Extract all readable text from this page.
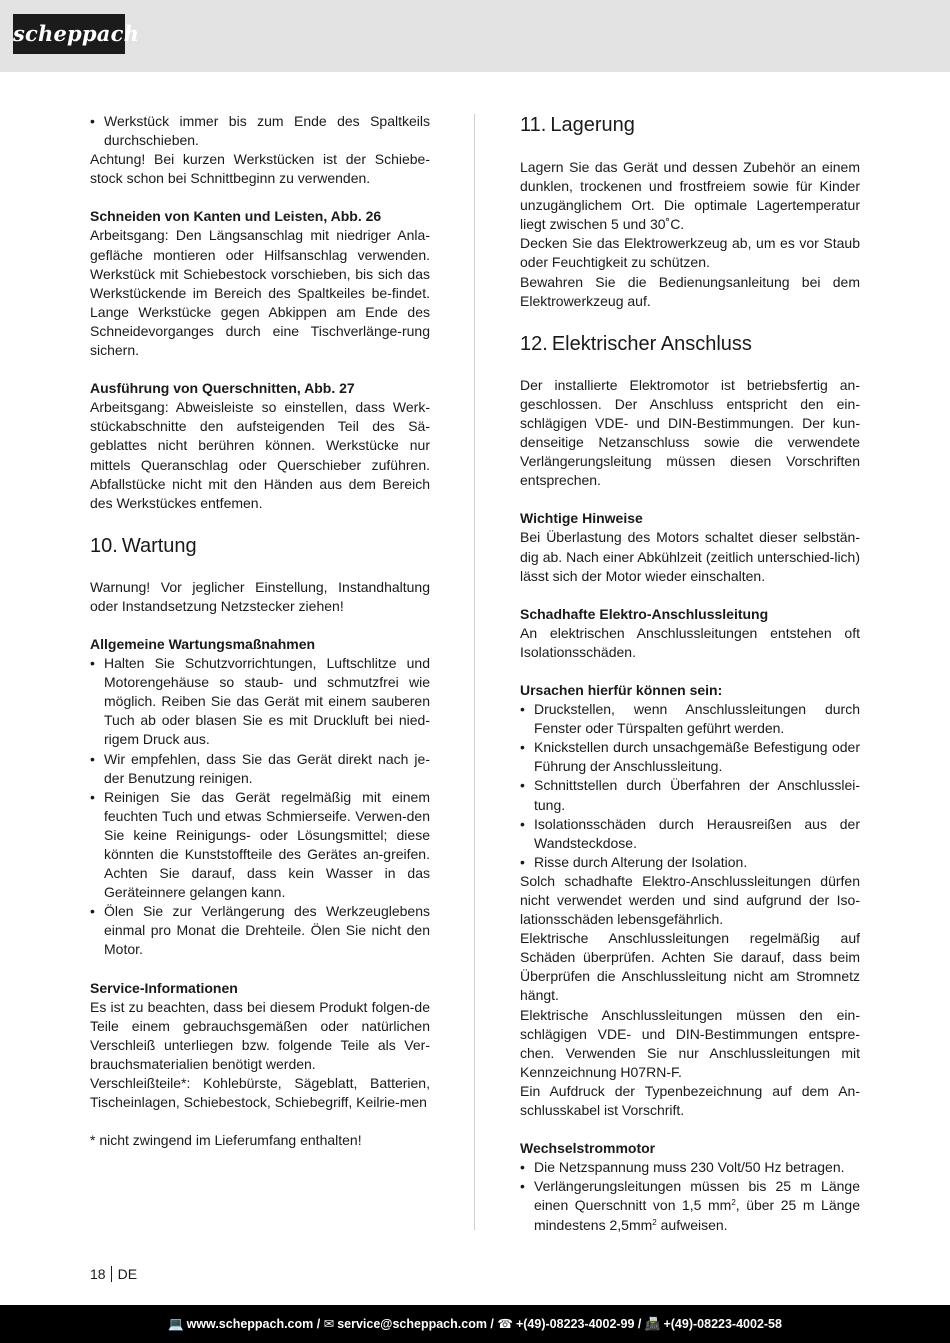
scheppach
• Werkstück immer bis zum Ende des Spaltkeils durchschieben.

Achtung! Bei kurzen Werkstücken ist der Schiebe-stock schon bei Schnittbeginn zu verwenden.

Schneiden von Kanten und Leisten, Abb. 26

Arbeitsgang: Den Längsanschlag mit niedriger Anla-gefläche montieren oder Hilfsanschlag verwenden. Werkstück mit Schiebestock vorschieben, bis sich das Werkstückende im Bereich des Spaltkeiles be-findet. Lange Werkstücke gegen Abkippen am Ende des Schneidevorganges durch eine Tischverlänge-rung sichern.

Ausführung von Querschnitten, Abb. 27

Arbeitsgang: Abweisleiste so einstellen, dass Werk-stückabschnitte den aufsteigenden Teil des Sä-geblattes nicht berühren können. Werkstücke nur mittels Queranschlag oder Querschieber zuführen. Abfallstücke nicht mit den Händen aus dem Bereich des Werkstückes entfemen.

10. Wartung

Warnung! Vor jeglicher Einstellung, Instandhaltung oder Instandsetzung Netzstecker ziehen!

Allgemeine Wartungsmaßnahmen

• Halten Sie Schutzvorrichtungen, Luftschlitze und Motorengehäuse so staub- und schmutzfrei wie möglich. Reiben Sie das Gerät mit einem sauberen Tuch ab oder blasen Sie es mit Druckluft bei nied-rigem Druck aus.
• Wir empfehlen, dass Sie das Gerät direkt nach je-der Benutzung reinigen.
• Reinigen Sie das Gerät regelmäßig mit einem feuchten Tuch und etwas Schmierseife. Verwen-den Sie keine Reinigungs- oder Lösungsmittel; diese könnten die Kunststoffteile des Gerätes an-greifen. Achten Sie darauf, dass kein Wasser in das Geräteinnere gelangen kann.
• Ölen Sie zur Verlängerung des Werkzeuglebens einmal pro Monat die Drehteile. Ölen Sie nicht den Motor.

Service-Informationen

Es ist zu beachten, dass bei diesem Produkt folgen-de Teile einem gebrauchsgemäßen oder natürlichen Verschleiß unterliegen bzw. folgende Teile als Ver-brauchsmaterialien benötigt werden.

Verschleißteile*: Kohlebürste, Sägeblatt, Batterien, Tischeinlagen, Schiebestock, Schiebegriff, Keilrie-men

* nicht zwingend im Lieferumfang enthalten!

11. Lagerung

Lagern Sie das Gerät und dessen Zubehör an einem dunklen, trockenen und frostfreiem sowie für Kinder unzugänglichem Ort. Die optimale Lagertemperatur liegt zwischen 5 und 30˚C.

Decken Sie das Elektrowerkzeug ab, um es vor Staub oder Feuchtigkeit zu schützen.

Bewahren Sie die Bedienungsanleitung bei dem Elektrowerkzeug auf.

12. Elektrischer Anschluss

Der installierte Elektromotor ist betriebsfertig an-geschlossen. Der Anschluss entspricht den ein-schlägigen VDE- und DIN-Bestimmungen. Der kun-denseitige Netzanschluss sowie die verwendete Verlängerungsleitung müssen diesen Vorschriften entsprechen.

Wichtige Hinweise

Bei Überlastung des Motors schaltet dieser selbstän-dig ab. Nach einer Abkühlzeit (zeitlich unterschied-lich) lässt sich der Motor wieder einschalten.

Schadhafte Elektro-Anschlussleitung

An elektrischen Anschlussleitungen entstehen oft Isolationsschäden.

Ursachen hierfür können sein:

• Druckstellen, wenn Anschlussleitungen durch Fenster oder Türspalten geführt werden.
• Knickstellen durch unsachgemäße Befestigung oder Führung der Anschlussleitung.
• Schnittstellen durch Überfahren der Anschlusslei-tung.
• Isolationsschäden durch Herausreißen aus der Wandsteckdose.
• Risse durch Alterung der Isolation.

Solch schadhafte Elektro-Anschlussleitungen dürfen nicht verwendet werden und sind aufgrund der Iso-lationsschäden lebensgefährlich.

Elektrische Anschlussleitungen regelmäßig auf Schäden überprüfen. Achten Sie darauf, dass beim Überprüfen die Anschlussleitung nicht am Stromnetz hängt.

Elektrische Anschlussleitungen müssen den ein-schlägigen VDE- und DIN-Bestimmungen entspre-chen. Verwenden Sie nur Anschlussleitungen mit Kennzeichnung H07RN-F.

Ein Aufdruck der Typenbezeichnung auf dem An-schlusskabel ist Vorschrift.

Wechselstrommotor

• Die Netzspannung muss 230 Volt/50 Hz betragen.
• Verlängerungsleitungen müssen bis 25 m Länge einen Querschnitt von 1,5 $mm^2$, über 25 m Länge mindestens $2,5mm^2$ aufweisen.
18 DE
💻 www.scheppach.com / ✉ service@scheppach.com / ☎ +(49)-08223-4002-99 / 📠 +(49)-08223-4002-58
